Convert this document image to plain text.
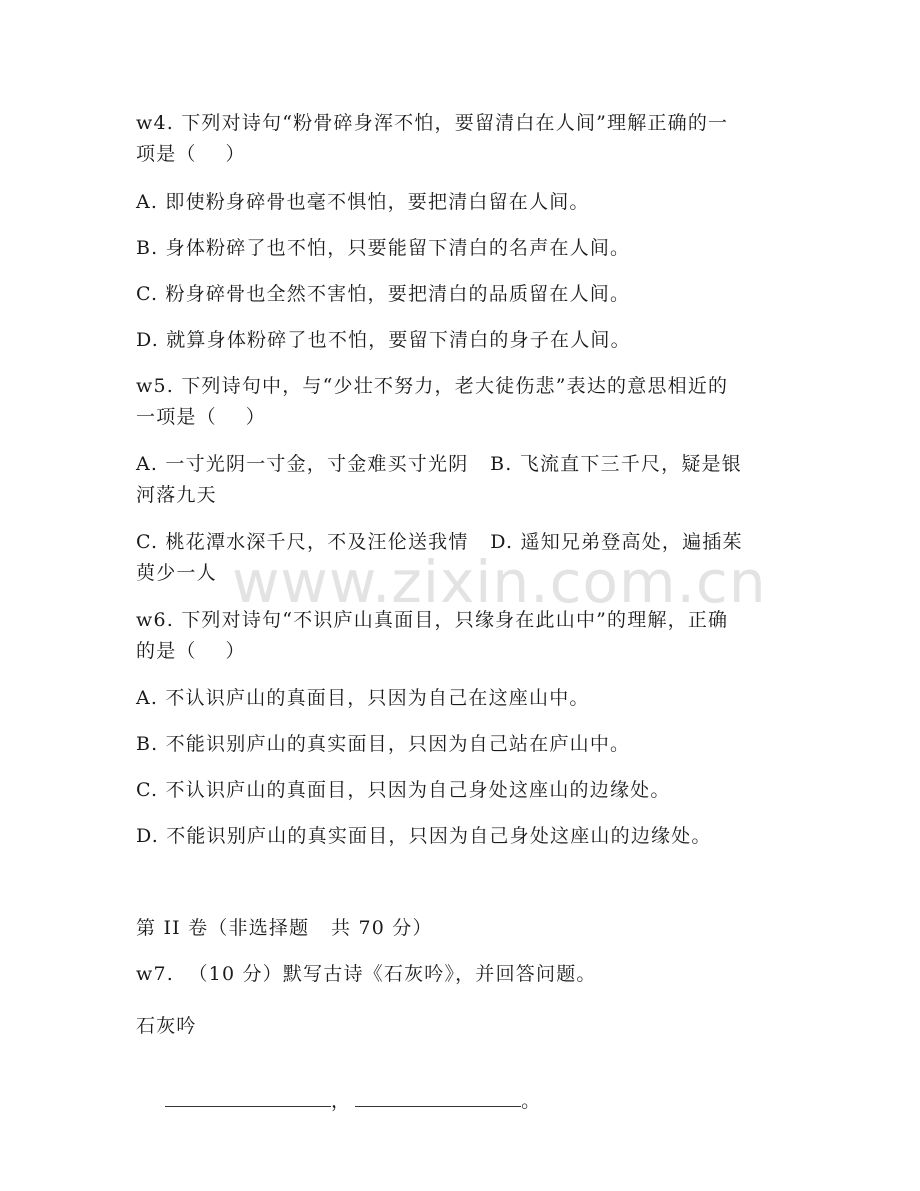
www.zixin.com.cn
w4. 下列对诗句“粉骨碎身浑不怕，要留清白在人间”理解正确的一
项是（    ）
A. 即使粉身碎骨也毫不惧怕，要把清白留在人间。
B. 身体粉碎了也不怕，只要能留下清白的名声在人间。
C. 粉身碎骨也全然不害怕，要把清白的品质留在人间。
D. 就算身体粉碎了也不怕，要留下清白的身子在人间。
w5. 下列诗句中，与“少壮不努力，老大徒伤悲”表达的意思相近的
一项是（    ）
A. 一寸光阴一寸金，寸金难买寸光阴   B. 飞流直下三千尺，疑是银
河落九天
C. 桃花潭水深千尺，不及汪伦送我情   D. 遥知兄弟登高处，遍插茱
萸少一人
w6. 下列对诗句“不识庐山真面目，只缘身在此山中”的理解，正确
的是（    ）
A. 不认识庐山的真面目，只因为自己在这座山中。
B. 不能识别庐山的真实面目，只因为自己站在庐山中。
C. 不认识庐山的真面目，只因为自己身处这座山的边缘处。
D. 不能识别庐山的真实面目，只因为自己身处这座山的边缘处。
第 II 卷（非选择题   共 70 分）
w7.  （10 分）默写古诗《石灰吟》，并回答问题。
石灰吟

，	。
